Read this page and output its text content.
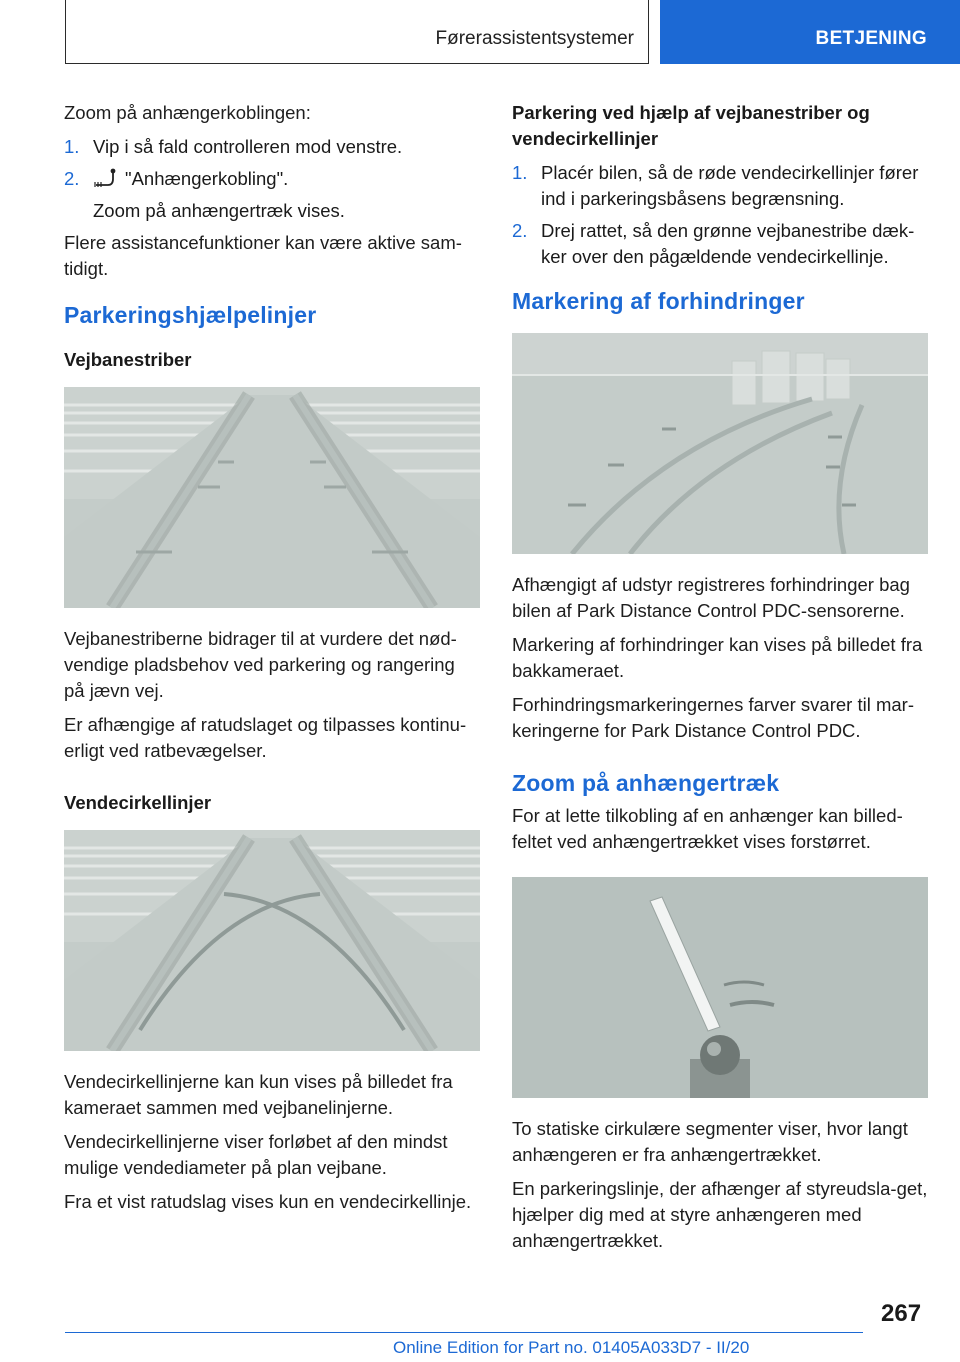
Førerassistentsystemer	BETJENING

Zoom på anhængerkoblingen:

1. Vip i så fald controlleren mod venstre.
2. "Anhængerkobling".
Zoom på anhængertræk vises.

Flere assistancefunktioner kan være aktive sam-tidigt.

Parkeringshjælpelinjer
Vejbanestriber

Vejbanestriberne bidrager til at vurdere det nød-vendige pladsbehov ved parkering og rangering på jævn vej.

Er afhængige af ratudslaget og tilpasses kontinu-erligt ved ratbevægelser.

Vendecirkellinjer

Vendecirkellinjerne kan kun vises på billedet fra kameraet sammen med vejbanelinjerne.

Vendecirkellinjerne viser forløbet af den mindst mulige vendediameter på plan vejbane.

Fra et vist ratudslag vises kun en vendecirkellinje.

Parkering ved hjælp af vejbanestriber og vendecirkellinjer
1. Placér bilen, så de røde vendecirkellinjer fører ind i parkeringsbåsens begrænsning.
2. Drej rattet, så den grønne vejbanestribe dæk-ker over den pågældende vendecirkellinje.
Markering af forhindringer

Afhængigt af udstyr registreres forhindringer bag bilen af Park Distance Control PDC-sensorerne.

Markering af forhindringer kan vises på billedet fra bakkameraet.

Forhindringsmarkeringernes farver svarer til mar-keringerne for Park Distance Control PDC.

Zoom på anhængertræk

For at lette tilkobling af en anhænger kan billed-feltet ved anhængertrækket vises forstørret.

To statiske cirkulære segmenter viser, hvor langt anhængeren er fra anhængertrækket.

En parkeringslinje, der afhænger af styreudsla-get, hjælper dig med at styre anhængeren med anhængertrækket.

267
Online Edition for Part no. 01405A033D7 - II/20
